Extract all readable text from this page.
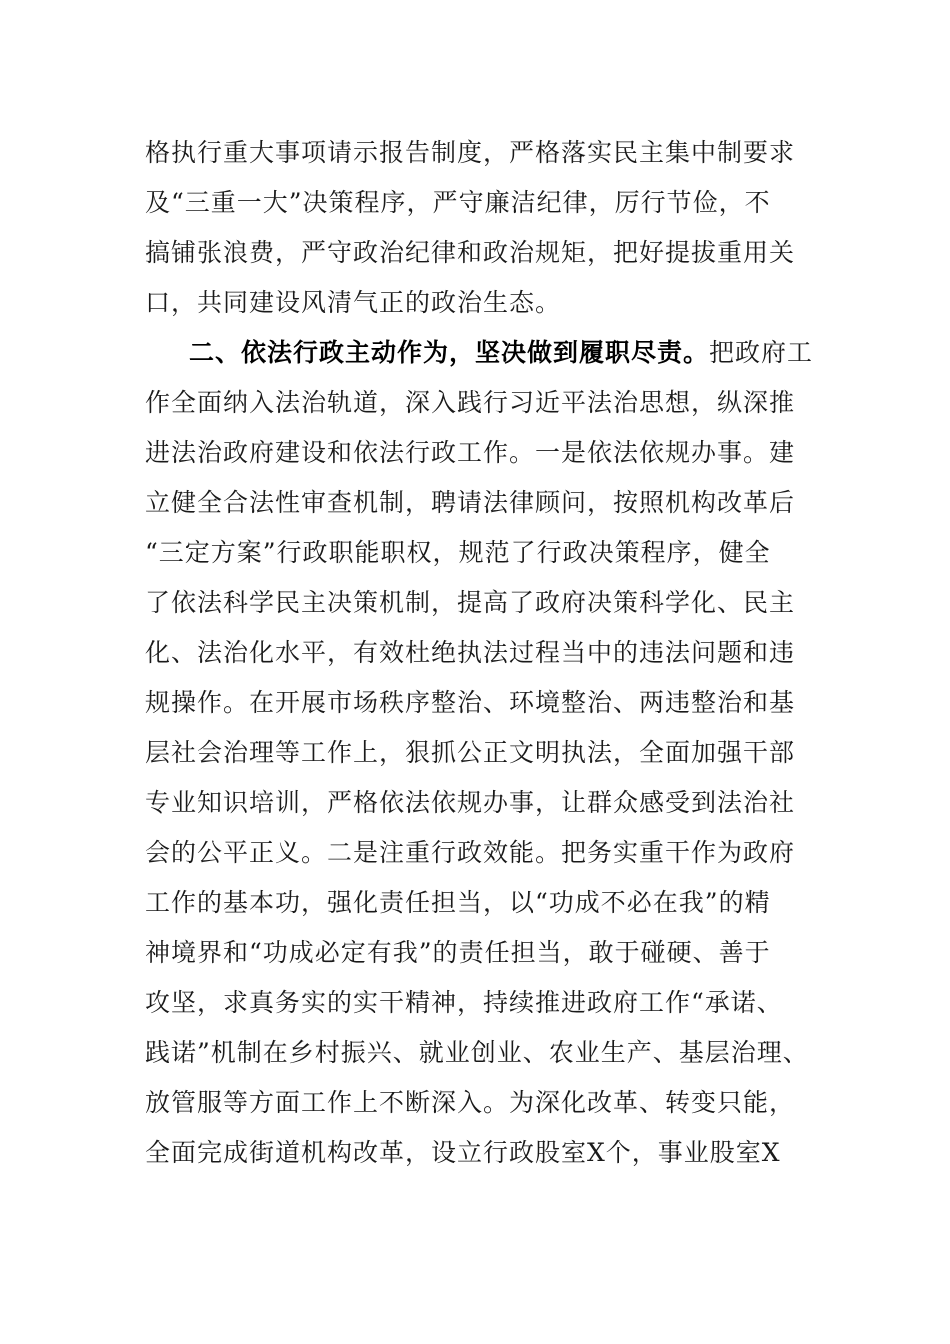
格执行重大事项请示报告制度，严格落实民主集中制要求
及“三重一大”决策程序，严守廉洁纪律，厉行节俭，不
搞铺张浪费，严守政治纪律和政治规矩，把好提拔重用关
口，共同建设风清气正的政治生态。
二、依法行政主动作为，坚决做到履职尽责。把政府工
作全面纳入法治轨道，深入践行习近平法治思想，纵深推
进法治政府建设和依法行政工作。一是依法依规办事。建
立健全合法性审查机制，聘请法律顾问，按照机构改革后
“三定方案”行政职能职权，规范了行政决策程序，健全
了依法科学民主决策机制，提高了政府决策科学化、民主
化、法治化水平，有效杜绝执法过程当中的违法问题和违
规操作。在开展市场秩序整治、环境整治、两违整治和基
层社会治理等工作上，狠抓公正文明执法，全面加强干部
专业知识培训，严格依法依规办事，让群众感受到法治社
会的公平正义。二是注重行政效能。把务实重干作为政府
工作的基本功，强化责任担当，以“功成不必在我”的精
神境界和“功成必定有我”的责任担当，敢于碰硬、善于
攻坚，求真务实的实干精神，持续推进政府工作“承诺、
践诺”机制在乡村振兴、就业创业、农业生产、基层治理、
放管服等方面工作上不断深入。为深化改革、转变只能，
全面完成街道机构改革，设立行政股室X个，事业股室X
